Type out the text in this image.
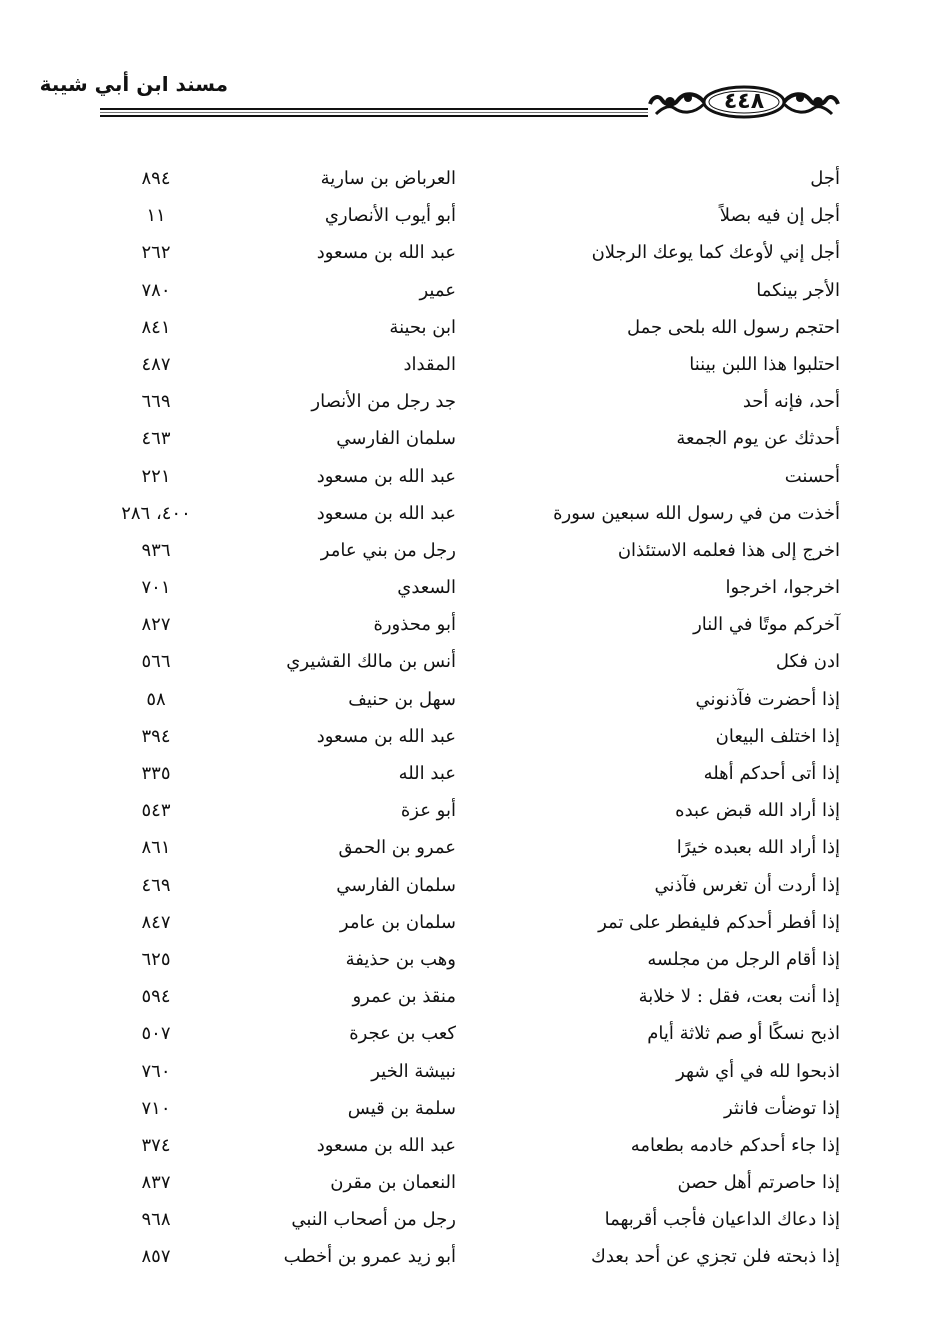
مسند ابن أبي شيبة
٤٤٨
أجل
العرباض بن سارية
٨٩٤
أجل إن فيه بصلاً
أبو أيوب الأنصاري
١١
أجل إني لأوعك كما يوعك الرجلان
عبد الله بن مسعود
٢٦٢
الأجر بينكما
عمير
٧٨٠
احتجم رسول الله بلحى جمل
ابن بحينة
٨٤١
احتلبوا هذا اللبن بيننا
المقداد
٤٨٧
أحد، فإنه أحد
جد رجل من الأنصار
٦٦٩
أحدثك عن يوم الجمعة
سلمان الفارسي
٤٦٣
أحسنت
عبد الله بن مسعود
٢٢١
أخذت من في رسول الله سبعين سورة
عبد الله بن مسعود
٤٠٠، ٢٨٦
اخرج إلى هذا فعلمه الاستئذان
رجل من بني عامر
٩٣٦
اخرجوا، اخرجوا
السعدي
٧٠١
آخركم موتًا في النار
أبو محذورة
٨٢٧
ادن فكل
أنس بن مالك القشيري
٥٦٦
إذا أحضرت فآذنوني
سهل بن حنيف
٥٨
إذا اختلف البيعان
عبد الله بن مسعود
٣٩٤
إذا أتى أحدكم أهله
عبد الله
٣٣٥
إذا أراد الله قبض عبده
أبو عزة
٥٤٣
إذا أراد الله بعبده خيرًا
عمرو بن الحمق
٨٦١
إذا أردت أن تغرس فآذني
سلمان الفارسي
٤٦٩
إذا أفطر أحدكم فليفطر على تمر
سلمان بن عامر
٨٤٧
إذا أقام الرجل من مجلسه
وهب بن حذيفة
٦٢٥
إذا أنت بعت، فقل : لا خلابة
منقذ بن عمرو
٥٩٤
اذبح نسكًا أو صم ثلاثة أيام
كعب بن عجرة
٥٠٧
اذبحوا لله في أي شهر
نبيشة الخير
٧٦٠
إذا توضأت فانثر
سلمة بن قيس
٧١٠
إذا جاء أحدكم خادمه بطعامه
عبد الله بن مسعود
٣٧٤
إذا حاصرتم أهل حصن
النعمان بن مقرن
٨٣٧
إذا دعاك الداعيان فأجب أقربهما
رجل من أصحاب النبي
٩٦٨
إذا ذبحته فلن تجزي عن أحد بعدك
أبو زيد عمرو بن أخطب
٨٥٧
